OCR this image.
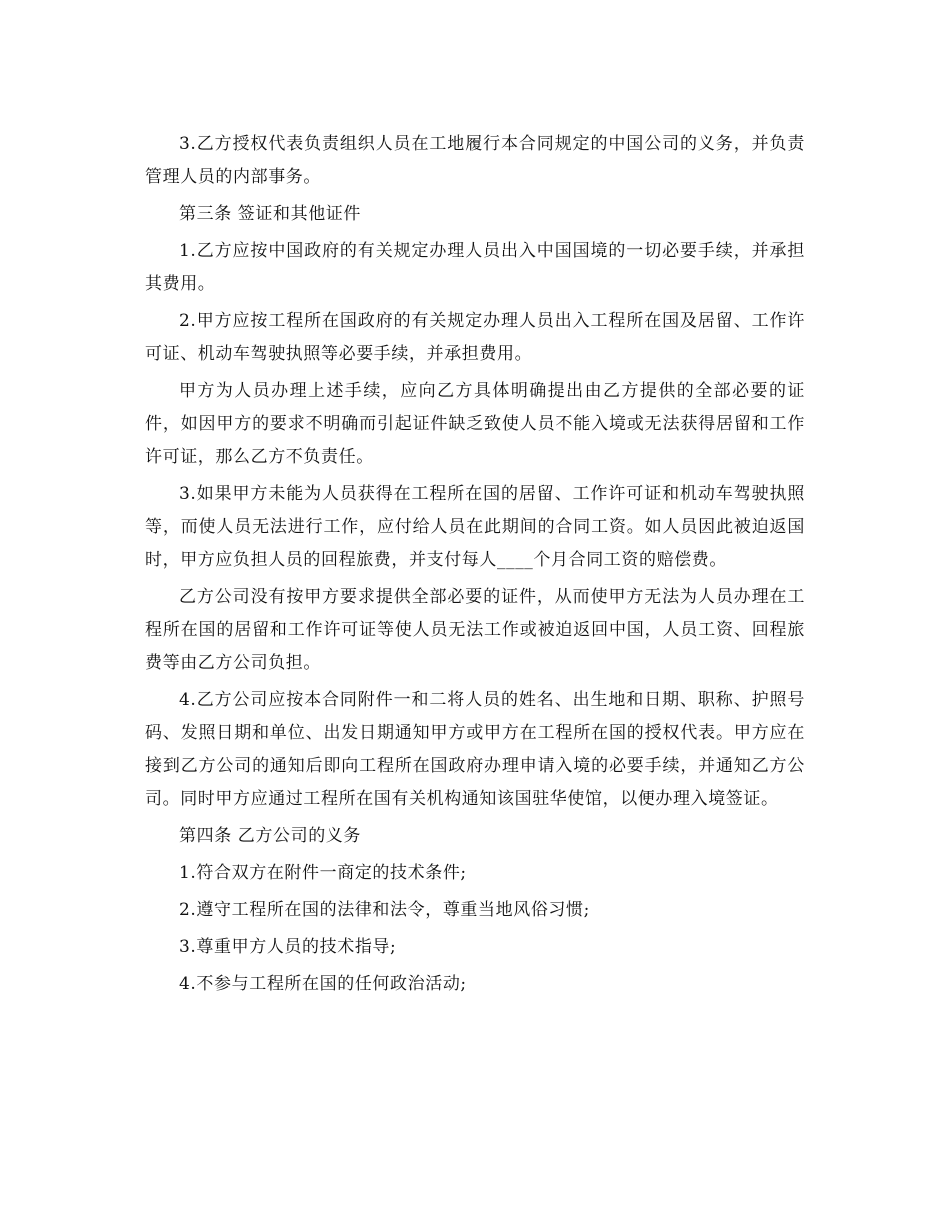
3.乙方授权代表负责组织人员在工地履行本合同规定的中国公司的义务，并负责管理人员的内部事务。

第三条 签证和其他证件

1.乙方应按中国政府的有关规定办理人员出入中国国境的一切必要手续，并承担其费用。

2.甲方应按工程所在国政府的有关规定办理人员出入工程所在国及居留、工作许可证、机动车驾驶执照等必要手续，并承担费用。

甲方为人员办理上述手续，应向乙方具体明确提出由乙方提供的全部必要的证件，如因甲方的要求不明确而引起证件缺乏致使人员不能入境或无法获得居留和工作许可证，那么乙方不负责任。

3.如果甲方未能为人员获得在工程所在国的居留、工作许可证和机动车驾驶执照等，而使人员无法进行工作，应付给人员在此期间的合同工资。如人员因此被迫返国时，甲方应负担人员的回程旅费，并支付每人____个月合同工资的赔偿费。

乙方公司没有按甲方要求提供全部必要的证件，从而使甲方无法为人员办理在工程所在国的居留和工作许可证等使人员无法工作或被迫返回中国，人员工资、回程旅费等由乙方公司负担。

4.乙方公司应按本合同附件一和二将人员的姓名、出生地和日期、职称、护照号码、发照日期和单位、出发日期通知甲方或甲方在工程所在国的授权代表。甲方应在接到乙方公司的通知后即向工程所在国政府办理申请入境的必要手续，并通知乙方公司。同时甲方应通过工程所在国有关机构通知该国驻华使馆，以便办理入境签证。

第四条 乙方公司的义务

1.符合双方在附件一商定的技术条件;

2.遵守工程所在国的法律和法令，尊重当地风俗习惯;

3.尊重甲方人员的技术指导;

4.不参与工程所在国的任何政治活动;
